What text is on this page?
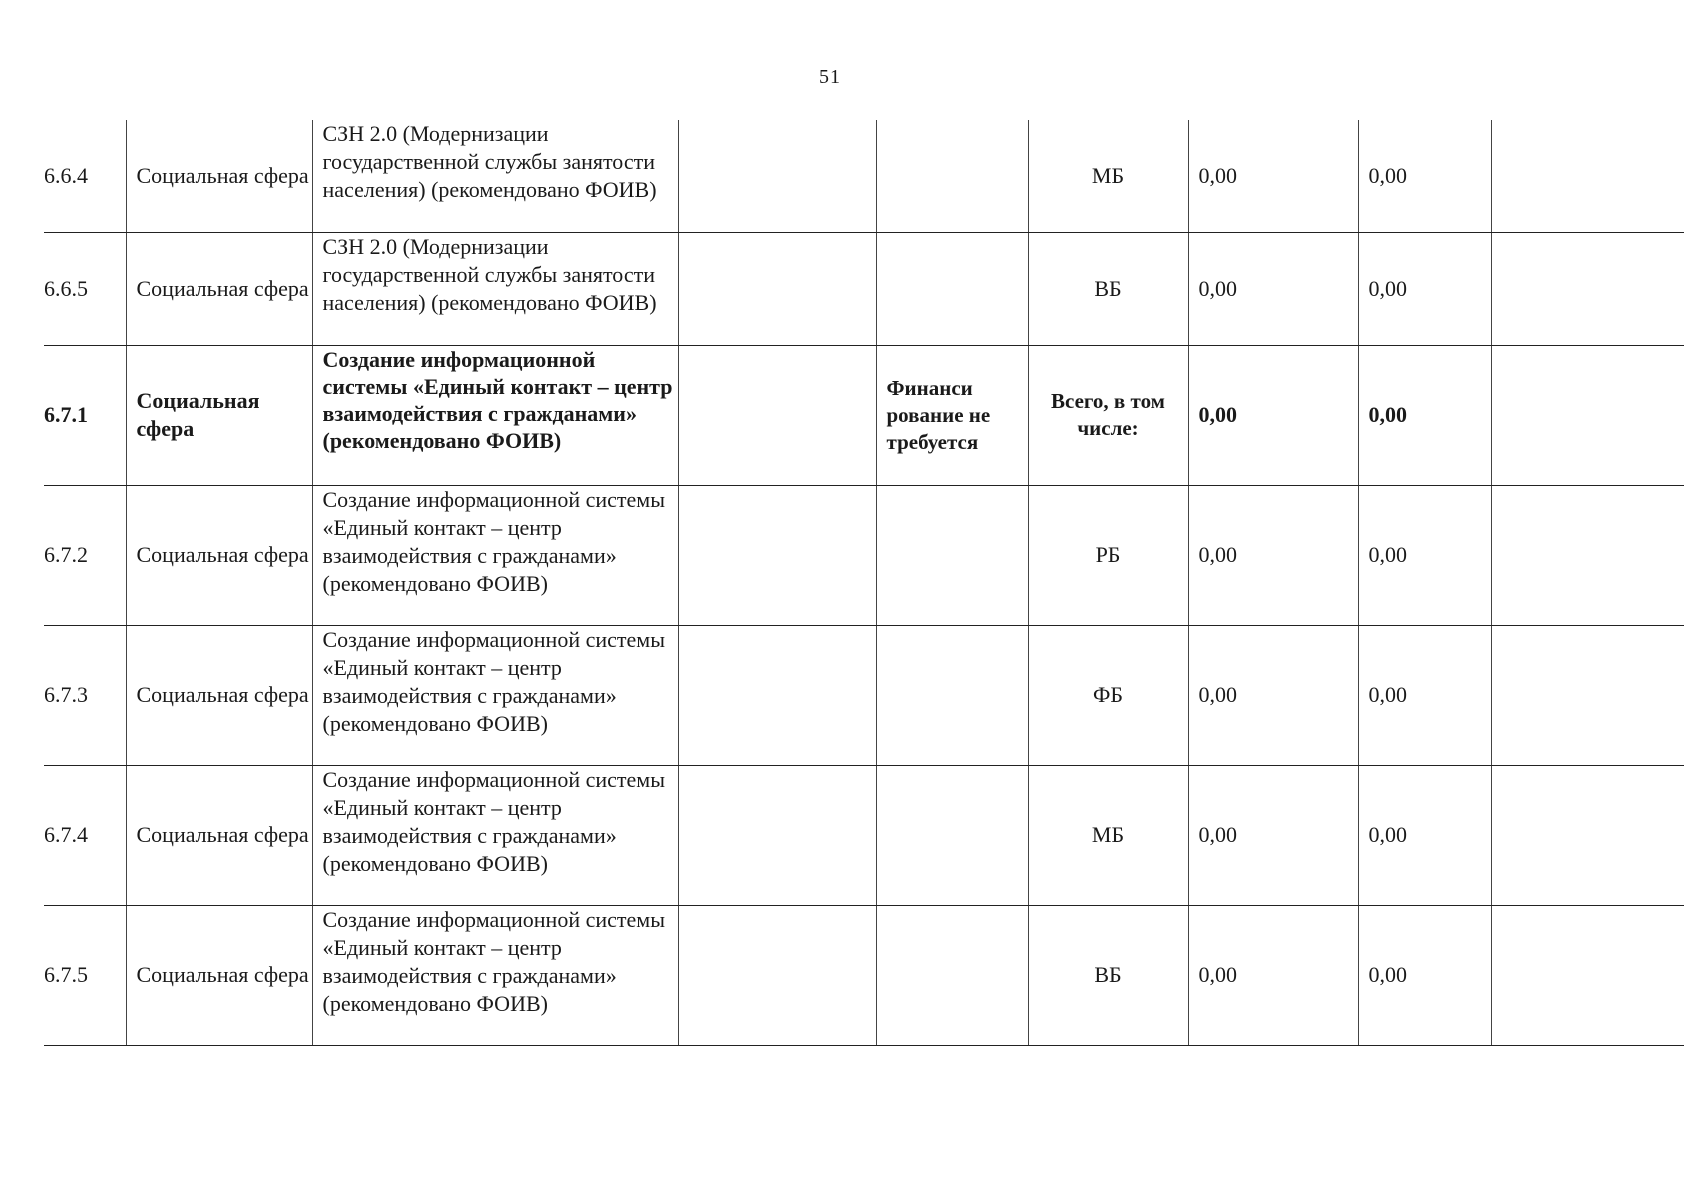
51
6.6.4	Социальная сфера	СЗН 2.0 (Модернизации государственной службы занятости населения) (рекомендовано ФОИВ)			МБ	0,00	0,00	
6.6.5	Социальная сфера	СЗН 2.0 (Модернизации государственной службы занятости населения) (рекомендовано ФОИВ)			ВБ	0,00	0,00	
6.7.1	Социальная сфера	Создание информационной системы «Единый контакт – центр взаимодействия с гражданами» (рекомендовано ФОИВ)		Финанси рование не требуется	Всего, в том числе:	0,00	0,00	
6.7.2	Социальная сфера	Создание информационной системы «Единый контакт – центр взаимодействия с гражданами» (рекомендовано ФОИВ)			РБ	0,00	0,00	
6.7.3	Социальная сфера	Создание информационной системы «Единый контакт – центр взаимодействия с гражданами» (рекомендовано ФОИВ)			ФБ	0,00	0,00	
6.7.4	Социальная сфера	Создание информационной системы «Единый контакт – центр взаимодействия с гражданами» (рекомендовано ФОИВ)			МБ	0,00	0,00	
6.7.5	Социальная сфера	Создание информационной системы «Единый контакт – центр взаимодействия с гражданами» (рекомендовано ФОИВ)			ВБ	0,00	0,00	
